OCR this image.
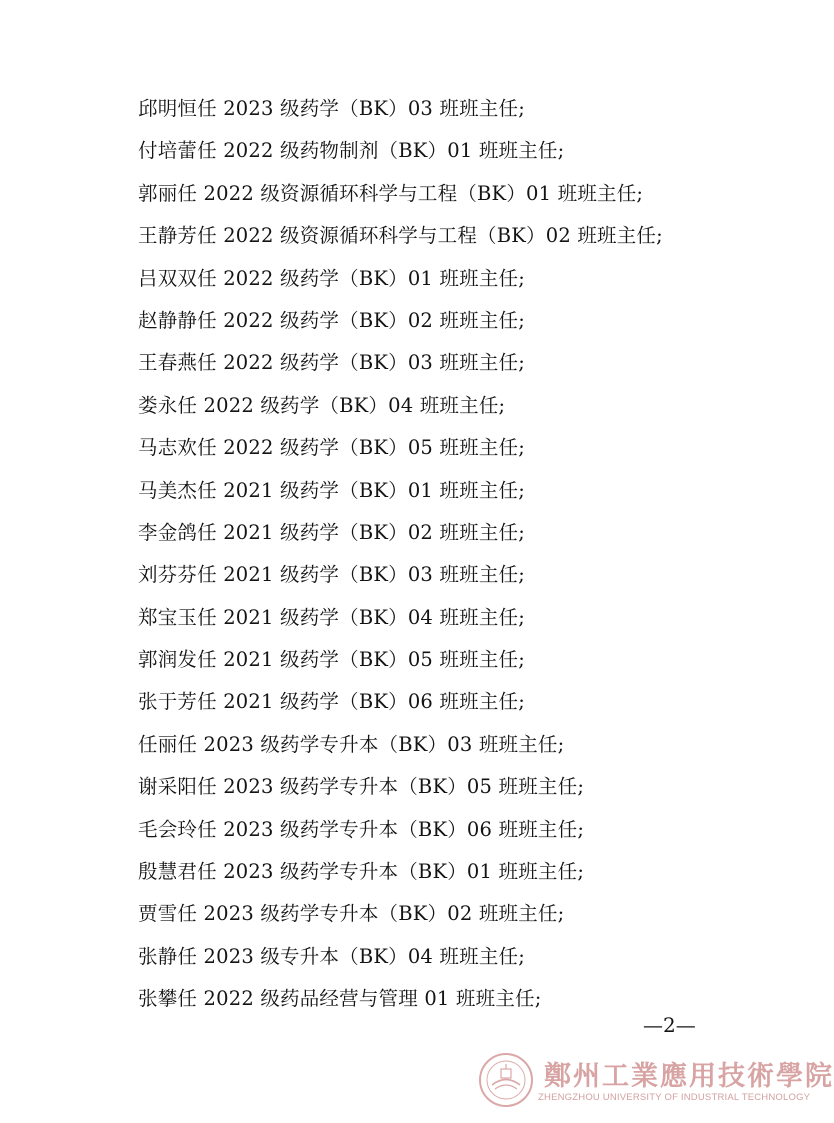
邱明恒任 2023 级药学（BK）03 班班主任;
付培蕾任 2022 级药物制剂（BK）01 班班主任;
郭丽任 2022 级资源循环科学与工程（BK）01 班班主任;
王静芳任 2022 级资源循环科学与工程（BK）02 班班主任;
吕双双任 2022 级药学（BK）01 班班主任;
赵静静任 2022 级药学（BK）02 班班主任;
王春燕任 2022 级药学（BK）03 班班主任;
娄永任 2022 级药学（BK）04 班班主任;
马志欢任 2022 级药学（BK）05 班班主任;
马美杰任 2021 级药学（BK）01 班班主任;
李金鸽任 2021 级药学（BK）02 班班主任;
刘芬芬任 2021 级药学（BK）03 班班主任;
郑宝玉任 2021 级药学（BK）04 班班主任;
郭润发任 2021 级药学（BK）05 班班主任;
张于芳任 2021 级药学（BK）06 班班主任;
任丽任 2023 级药学专升本（BK）03 班班主任;
谢采阳任 2023 级药学专升本（BK）05 班班主任;
毛会玲任 2023 级药学专升本（BK）06 班班主任;
殷慧君任 2023 级药学专升本（BK）01 班班主任;
贾雪任 2023 级药学专升本（BK）02 班班主任;
张静任 2023 级专升本（BK）04 班班主任;
张攀任 2022 级药品经营与管理 01 班班主任;
—2—
鄭州工業應用技術學院
ZHENGZHOU UNIVERSITY OF INDUSTRIAL TECHNOLOGY
